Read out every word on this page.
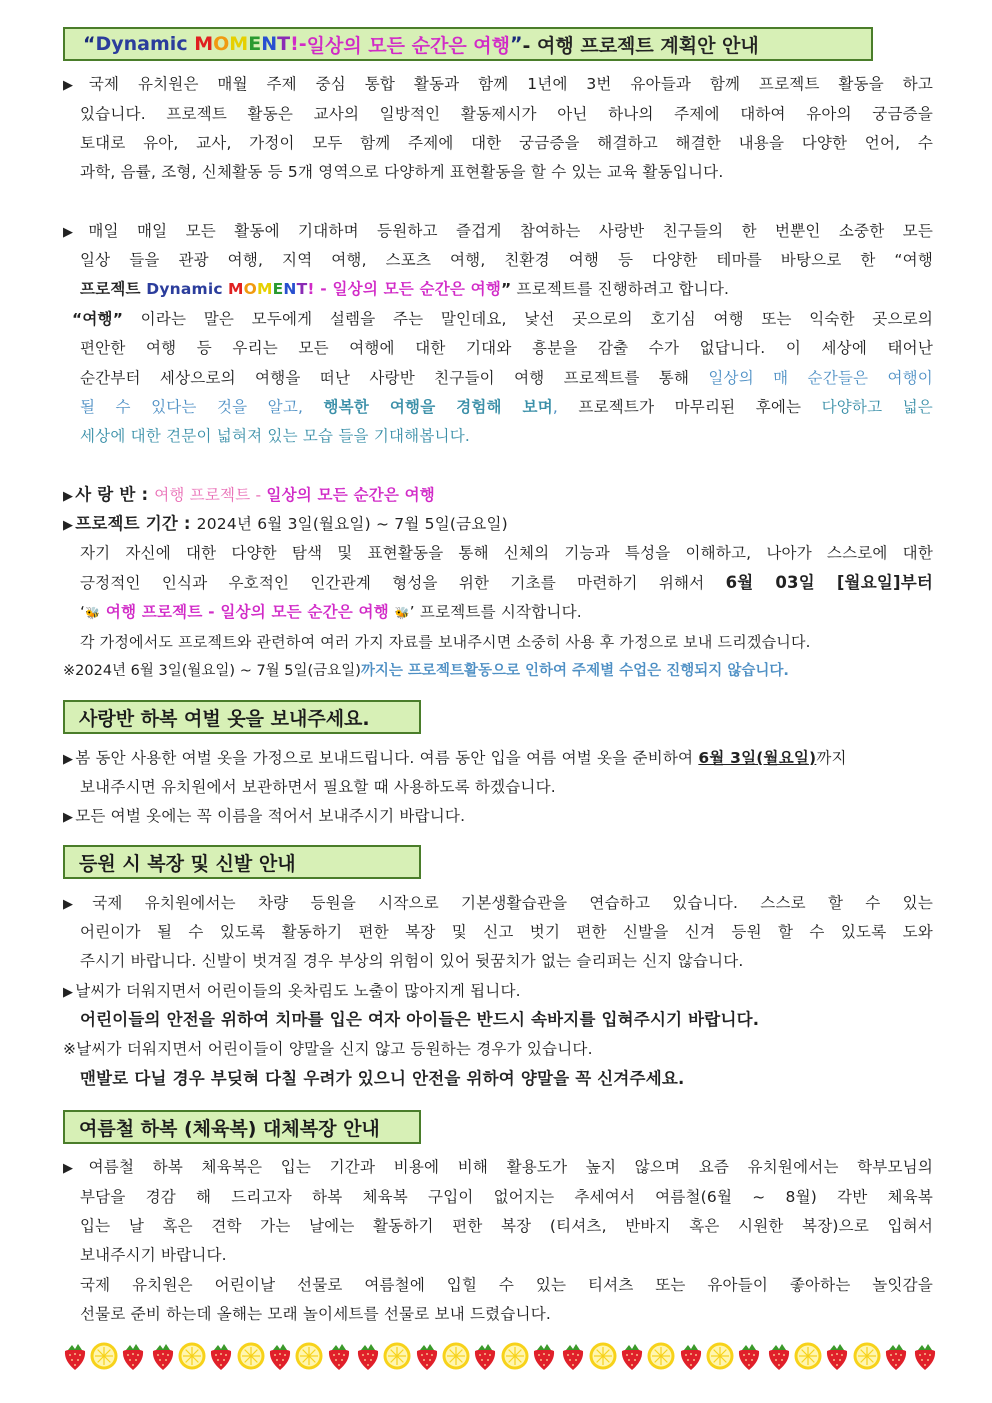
“ Dynamic
MOMENT ! - 일상의 모든 순간은 여행 ” - 여행 프로젝트 계획안 안내
▶ 국제 유치원은 매월 주제 중심 통합 활동과 함께 1년에 3번 유아들과 함께 프로젝트 활동을 하고
있습니다. 프로젝트 활동은 교사의 일방적인 활동제시가 아닌 하나의 주제에 대하여 유아의 궁금증을
토대로 유아, 교사, 가정이 모두 함께 주제에 대한 궁금증을 해결하고 해결한 내용을 다양한 언어, 수
과학, 음률, 조형, 신체활동 등 5개 영역으로 다양하게 표현활동을 할 수 있는 교육 활동입니다.
▶ 매일 매일 모든 활동에 기대하며 등원하고 즐겁게 참여하는 사랑반 친구들의 한 번뿐인 소중한 모든
일상 들을 관광 여행, 지역 여행, 스포츠 여행, 친환경 여행 등 다양한 테마를 바탕으로 한 “여행
프로젝트 Dynamic MOMENT! - 일상의 모든 순간은 여행” 프로젝트를 진행하려고 합니다.
“여행” 이라는 말은 모두에게 설렘을 주는 말인데요, 낯선 곳으로의 호기심 여행 또는 익숙한 곳으로의
편안한 여행 등 우리는 모든 여행에 대한 기대와 흥분을 감출 수가 없답니다. 이 세상에 태어난
순간부터 세상으로의 여행을 떠난 사랑반 친구들이 여행 프로젝트를 통해 일상의 매 순간들은 여행이
될 수 있다는 것을 알고, 행복한 여행을 경험해 보며, 프로젝트가 마무리된 후에는 다양하고 넓은
세상에 대한 견문이 넓혀져 있는 모습 들을 기대해봅니다.
▶ 사 랑 반 : 여행 프로젝트 - 일상의 모든 순간은 여행
▶ 프로젝트 기간 : 2024년 6월 3일(월요일) ~ 7월 5일(금요일)
자기 자신에 대한 다양한 탐색 및 표현활동을 통해 신체의 기능과 특성을 이해하고, 나아가 스스로에 대한
긍정적인 인식과 우호적인 인간관계 형성을 위한 기초를 마련하기 위해서 6월 03일 [월요일]부터
‘🐝 여행 프로젝트 - 일상의 모든 순간은 여행 🐝’ 프로젝트를 시작합니다.
각 가정에서도 프로젝트와 관련하여 여러 가지 자료를 보내주시면 소중히 사용 후 가정으로 보내 드리겠습니다.
※2024년 6월 3일(월요일) ~ 7월 5일(금요일)까지는 프로젝트활동으로 인하여 주제별 수업은 진행되지 않습니다.
사랑반 하복 여벌 옷을 보내주세요.
▶ 봄 동안 사용한 여벌 옷을 가정으로 보내드립니다. 여름 동안 입을 여름 여벌 옷을 준비하여 6월 3일(월요일)까지
보내주시면 유치원에서 보관하면서 필요할 때 사용하도록 하겠습니다.
▶ 모든 여벌 옷에는 꼭 이름을 적어서 보내주시기 바랍니다.
등원 시 복장 및 신발 안내
▶ 국제 유치원에서는 차량 등원을 시작으로 기본생활습관을 연습하고 있습니다. 스스로 할 수 있는
어린이가 될 수 있도록 활동하기 편한 복장 및 신고 벗기 편한 신발을 신겨 등원 할 수 있도록 도와
주시기 바랍니다. 신발이 벗겨질 경우 부상의 위험이 있어 뒷꿈치가 없는 슬리퍼는 신지 않습니다.
▶ 날씨가 더워지면서 어린이들의 옷차림도 노출이 많아지게 됩니다.
어린이들의 안전을 위하여 치마를 입은 여자 아이들은 반드시 속바지를 입혀주시기 바랍니다.
※날씨가 더워지면서 어린이들이 양말을 신지 않고 등원하는 경우가 있습니다.
맨발로 다닐 경우 부딪혀 다칠 우려가 있으니 안전을 위하여 양말을 꼭 신겨주세요.
여름철 하복 (체육복) 대체복장 안내
▶ 여름철 하복 체육복은 입는 기간과 비용에 비해 활용도가 높지 않으며 요즘 유치원에서는 학부모님의
부담을 경감 해 드리고자 하복 체육복 구입이 없어지는 추세여서 여름철(6월 ~ 8월) 각반 체육복
입는 날 혹은 견학 가는 날에는 활동하기 편한 복장 (티셔츠, 반바지 혹은 시원한 복장)으로 입혀서
보내주시기 바랍니다.
국제 유치원은 어린이날 선물로 여름철에 입힐 수 있는 티셔츠 또는 유아들이 좋아하는 놀잇감을
선물로 준비 하는데 올해는 모래 놀이세트를 선물로 보내 드렸습니다.
